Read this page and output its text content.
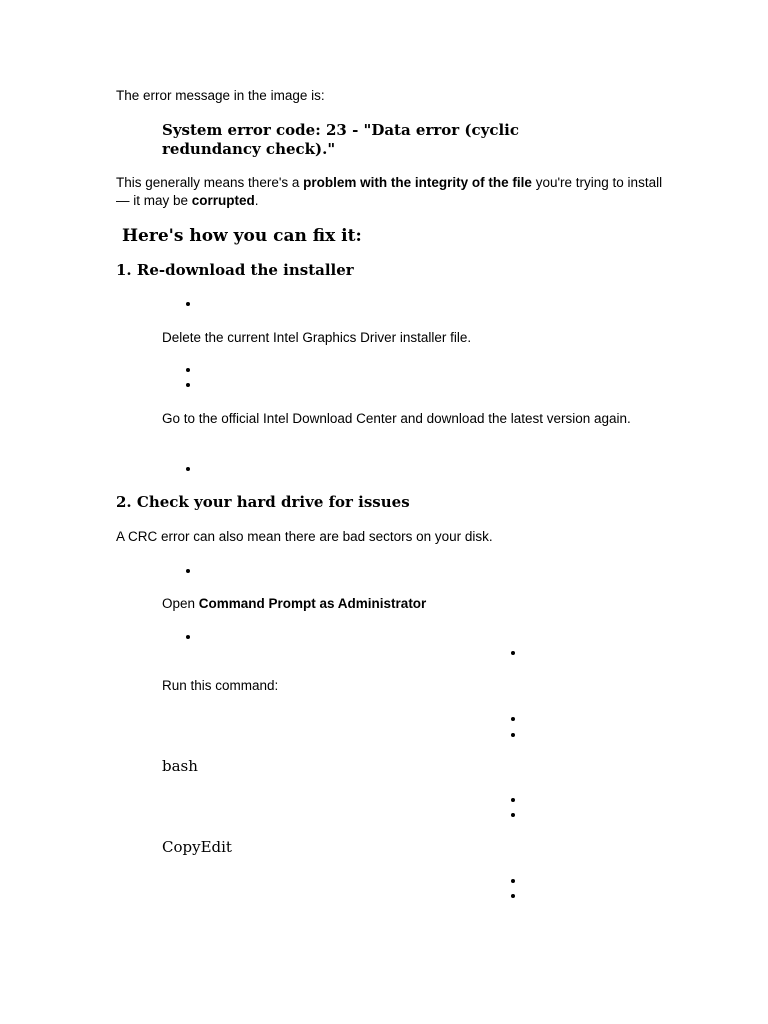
The error message in the image is:

System error code: 23 - "Data error (cyclic redundancy check)."

This generally means there's a problem with the integrity of the file you're trying to install — it may be corrupted.

Here's how you can fix it:
1. Re-download the installer

Delete the current Intel Graphics Driver installer file.

Go to the official Intel Download Center and download the latest version again.

2. Check your hard drive for issues

A CRC error can also mean there are bad sectors on your disk.

Open Command Prompt as Administrator

Run this command:

bash

CopyEdit
